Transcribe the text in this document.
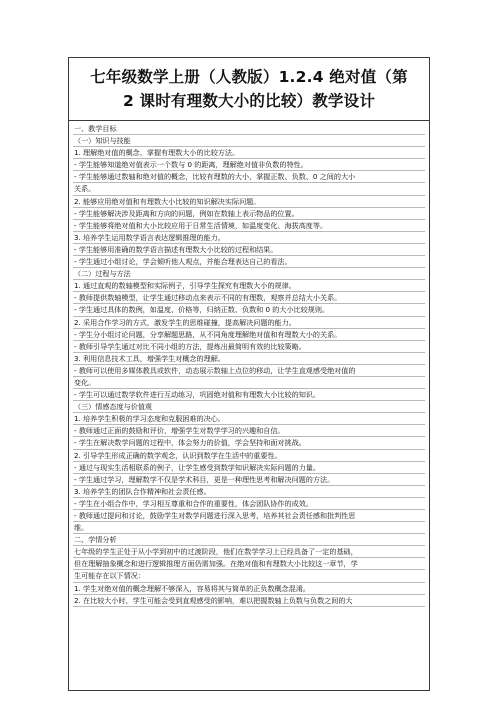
七年级数学上册（人教版）1.2.4 绝对值（第
2 课时有理数大小的比较）教学设计
一、教学目标
（一）知识与技能
1. 理解绝对值的概念，掌握有理数大小的比较方法。
- 学生能够知道绝对值表示一个数与 0 的距离，理解绝对值非负数的特性。
- 学生能够通过数轴和绝对值的概念，比较有理数的大小，掌握正数、负数、0 之间的大小
关系。
2. 能够应用绝对值和有理数大小比较的知识解决实际问题。
- 学生能够解决涉及距离和方向的问题，例如在数轴上表示物品的位置。
- 学生能够将绝对值和大小比较应用于日常生活情境，如温度变化、海拔高度等。
3. 培养学生运用数学语言表达逻辑推理的能力。
- 学生能够用准确的数学语言描述有理数大小比较的过程和结果。
- 学生通过小组讨论，学会倾听他人观点，并能合理表达自己的看法。
（二）过程与方法
1. 通过直观的数轴模型和实际例子，引导学生探究有理数大小的规律。
- 教师提供数轴模型，让学生通过移动点来表示不同的有理数，观察并总结大小关系。
- 学生通过具体的数例，如温度、价格等，归纳正数、负数和 0 的大小比较规则。
2. 采用合作学习的方式，激发学生的思维碰撞，提高解决问题的能力。
- 学生分小组讨论问题，分享解题思路，从不同角度理解绝对值和有理数大小的关系。
- 教师引导学生通过对比不同小组的方法，提炼出最简明有效的比较策略。
3. 利用信息技术工具，增强学生对概念的理解。
- 教师可以使用多媒体教具或软件，动态展示数轴上点位的移动，让学生直观感受绝对值的
变化。
- 学生可以通过数学软件进行互动练习，巩固绝对值和有理数大小比较的知识。
（三）情感态度与价值观
1. 培养学生积极的学习态度和克服困难的决心。
- 教师通过正面的鼓励和评价，增强学生对数学学习的兴趣和自信。
- 学生在解决数学问题的过程中，体会努力的价值，学会坚持和面对挑战。
2. 引导学生形成正确的数学观念，认识到数学在生活中的重要性。
- 通过与现实生活相联系的例子，让学生感受到数学知识解决实际问题的力量。
- 学生通过学习，理解数学不仅是学术科目，更是一种理性思考和解决问题的方法。
3. 培养学生的团队合作精神和社会责任感。
- 学生在小组合作中，学习相互尊重和合作的重要性，体会团队协作的成效。
- 教师通过提问和讨论，鼓励学生对数学问题进行深入思考，培养其社会责任感和批判性思
维。
二、学情分析
七年级的学生正处于从小学到初中的过渡阶段，他们在数学学习上已经具备了一定的基础，
但在理解抽象概念和进行逻辑推理方面仍需加强。在绝对值和有理数大小比较这一章节，学
生可能存在以下情况：
1. 学生对绝对值的概念理解不够深入，容易将其与简单的正负数概念混淆。
2. 在比较大小时，学生可能会受到直观感受的影响，难以把握数轴上负数与负数之间的大
